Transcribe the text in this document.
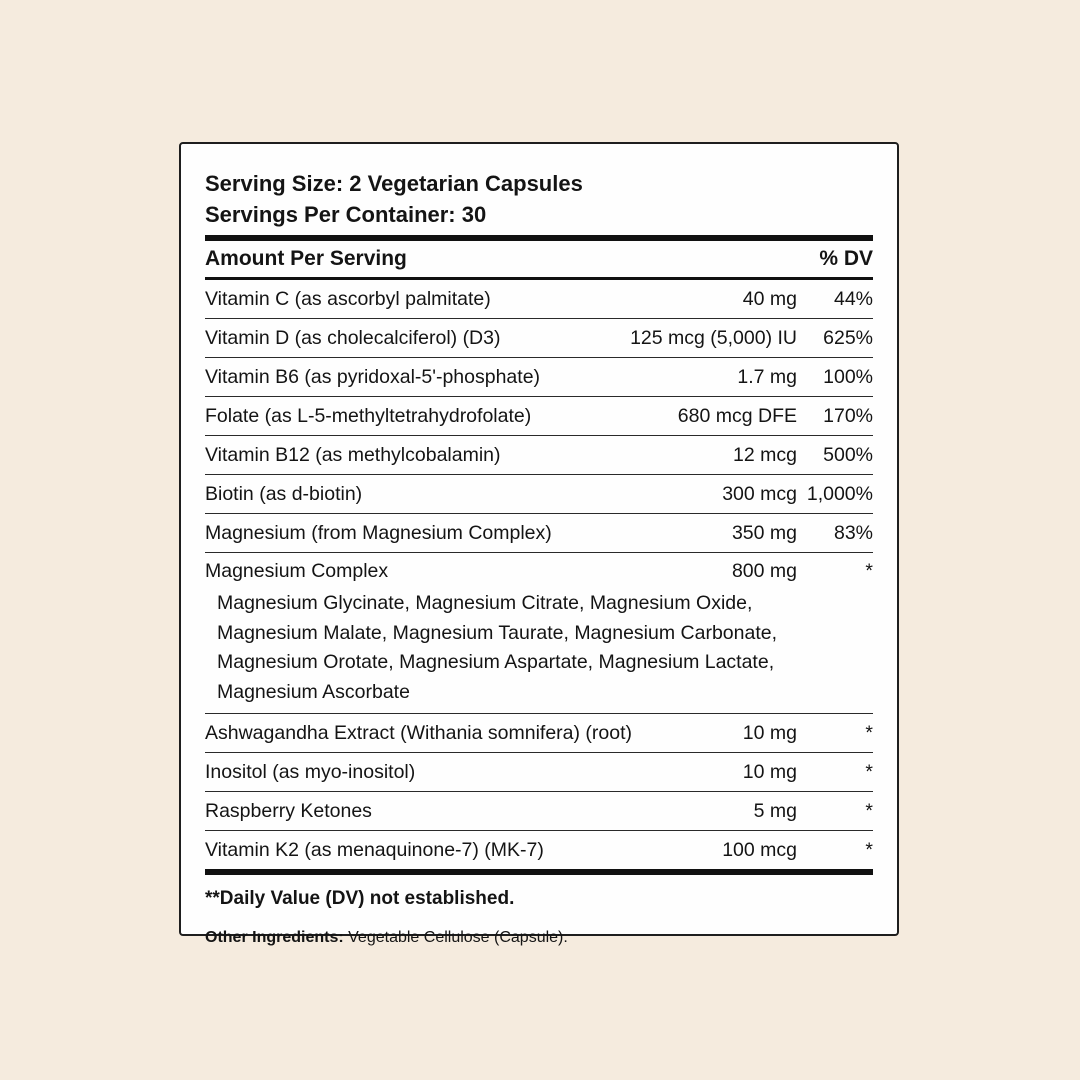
Serving Size: 2 Vegetarian Capsules
Servings Per Container: 30
Amount Per Serving	% DV
Vitamin C (as ascorbyl palmitate)	40 mg	44%
Vitamin D (as cholecalciferol) (D3)	125 mcg (5,000) IU	625%
Vitamin B6 (as pyridoxal-5'-phosphate)	1.7 mg	100%
Folate (as L-5-methyltetrahydrofolate)	680 mcg DFE	170%
Vitamin B12 (as methylcobalamin)	12 mcg	500%
Biotin (as d-biotin)	300 mcg 1,000%
Magnesium (from Magnesium Complex)	350 mg	83%
Magnesium Complex	800 mg	*
Magnesium Glycinate, Magnesium Citrate, Magnesium Oxide,
Magnesium Malate, Magnesium Taurate, Magnesium Carbonate,
Magnesium Orotate, Magnesium Aspartate, Magnesium Lactate,
Magnesium Ascorbate
Ashwagandha Extract (Withania somnifera) (root)	10 mg	*
Inositol (as myo-inositol)	10 mg	*
Raspberry Ketones	5 mg	*
Vitamin K2 (as menaquinone-7) (MK-7)	100 mcg	*
**Daily Value (DV) not established.
Other Ingredients: Vegetable Cellulose (Capsule).
